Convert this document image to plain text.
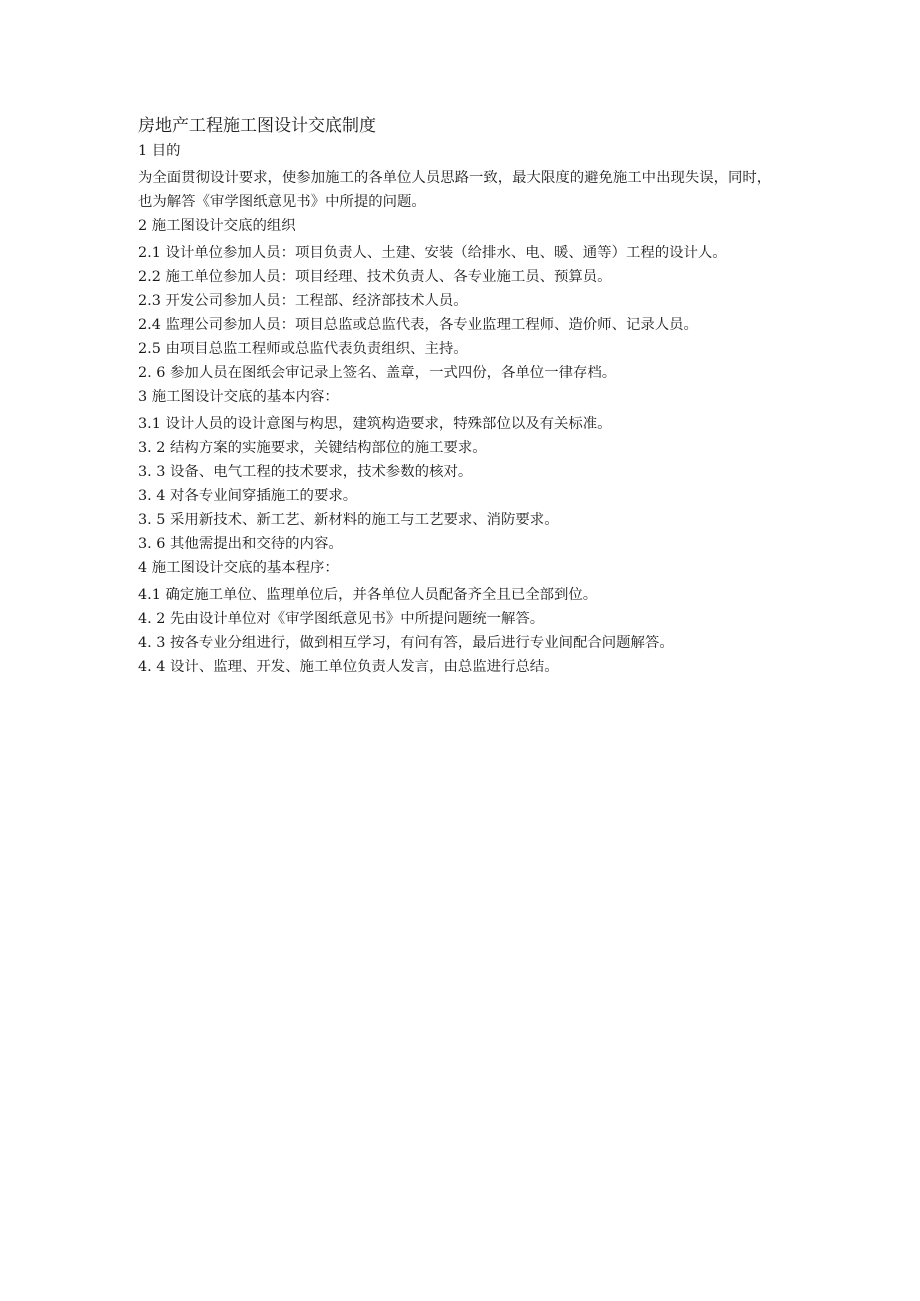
房地产工程施工图设计交底制度

1 目的

为全面贯彻设计要求，使参加施工的各单位人员思路一致，最大限度的避免施工中出现失误，同时，也为解答《审学图纸意见书》中所提的问题。

2 施工图设计交底的组织

2.1 设计单位参加人员：项目负责人、土建、安装（给排水、电、暖、通等）工程的设计人。

2.2 施工单位参加人员：项目经理、技术负责人、各专业施工员、预算员。

2.3 开发公司参加人员：工程部、经济部技术人员。

2.4 监理公司参加人员：项目总监或总监代表，各专业监理工程师、造价师、记录人员。

2.5 由项目总监工程师或总监代表负责组织、主持。

2. 6 参加人员在图纸会审记录上签名、盖章，一式四份，各单位一律存档。

3 施工图设计交底的基本内容：

3.1 设计人员的设计意图与构思，建筑构造要求，特殊部位以及有关标准。

3. 2 结构方案的实施要求，关键结构部位的施工要求。

3. 3 设备、电气工程的技术要求，技术参数的核对。

3. 4 对各专业间穿插施工的要求。

3. 5 采用新技术、新工艺、新材料的施工与工艺要求、消防要求。

3. 6 其他需提出和交待的内容。

4 施工图设计交底的基本程序：

4.1 确定施工单位、监理单位后，并各单位人员配备齐全且已全部到位。

4. 2 先由设计单位对《审学图纸意见书》中所提问题统一解答。

4. 3 按各专业分组进行，做到相互学习，有问有答，最后进行专业间配合问题解答。

4. 4 设计、监理、开发、施工单位负责人发言，由总监进行总结。
